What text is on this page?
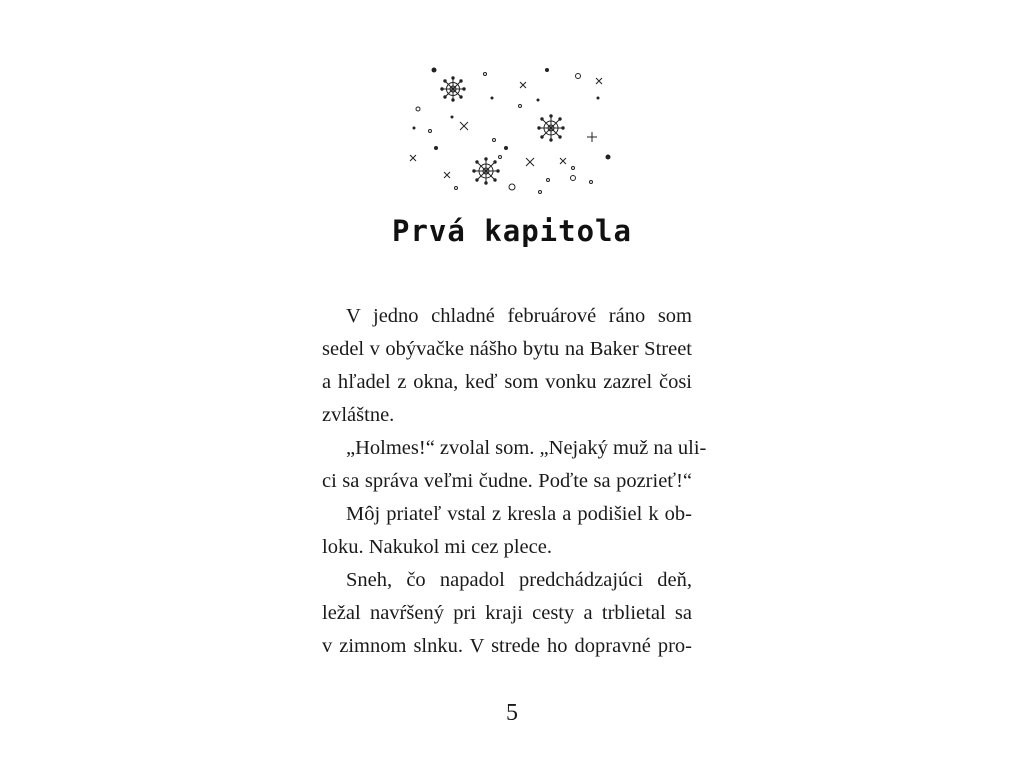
Prvá kapitola

V jedno chladné februárové ráno som
sedel v obývačke nášho bytu na Baker Street
a hľadel z okna, keď som vonku zazrel čosi
zvláštne.

„Holmes!“ zvolal som. „Nejaký muž na uli-
ci sa správa veľmi čudne. Poďte sa pozrieť!“

Môj priateľ vstal z kresla a podišiel k ob-
loku. Nakukol mi cez plece.

Sneh, čo napadol predchádzajúci deň,
ležal navŕšený pri kraji cesty a trblietal sa
v zimnom slnku. V strede ho dopravné pro-

5
